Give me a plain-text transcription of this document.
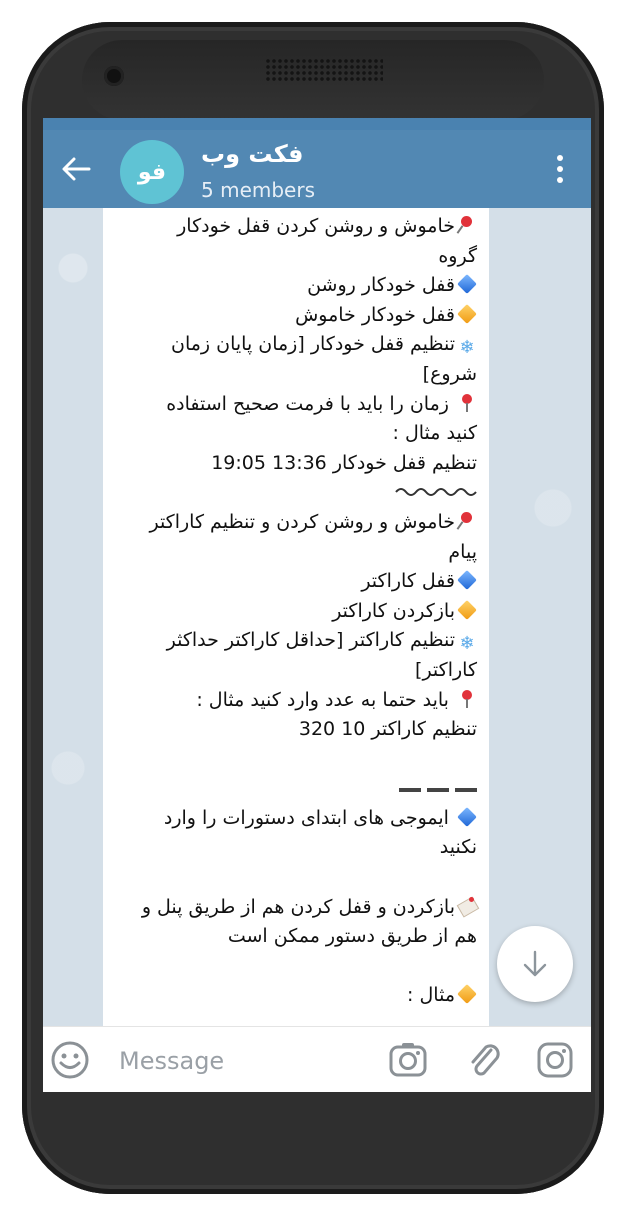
فو
فکت وب
5 members
خاموش و روشن کردن قفل خودکار
گروه
قفل خودکار روشن
قفل خودکار خاموش
❄تنظیم قفل خودکار [زمان پایان زمان
شروع]
زمان را باید با فرمت صحیح استفاده
کنید مثال :
تنظیم قفل خودکار 13:36 19:05
خاموش و روشن کردن و تنظیم کاراکتر
پیام
قفل کاراکتر
بازکردن کاراکتر
❄تنظیم کاراکتر [حداقل کاراکتر حداکثر
کاراکتر]
باید حتما به عدد وارد کنید مثال :
تنظیم کاراکتر 10 320
ایموجی های ابتدای دستورات را وارد
نکنید
بازکردن و قفل کردن هم از طریق پنل و
هم از طریق دستور ممکن است
مثال :
Message
